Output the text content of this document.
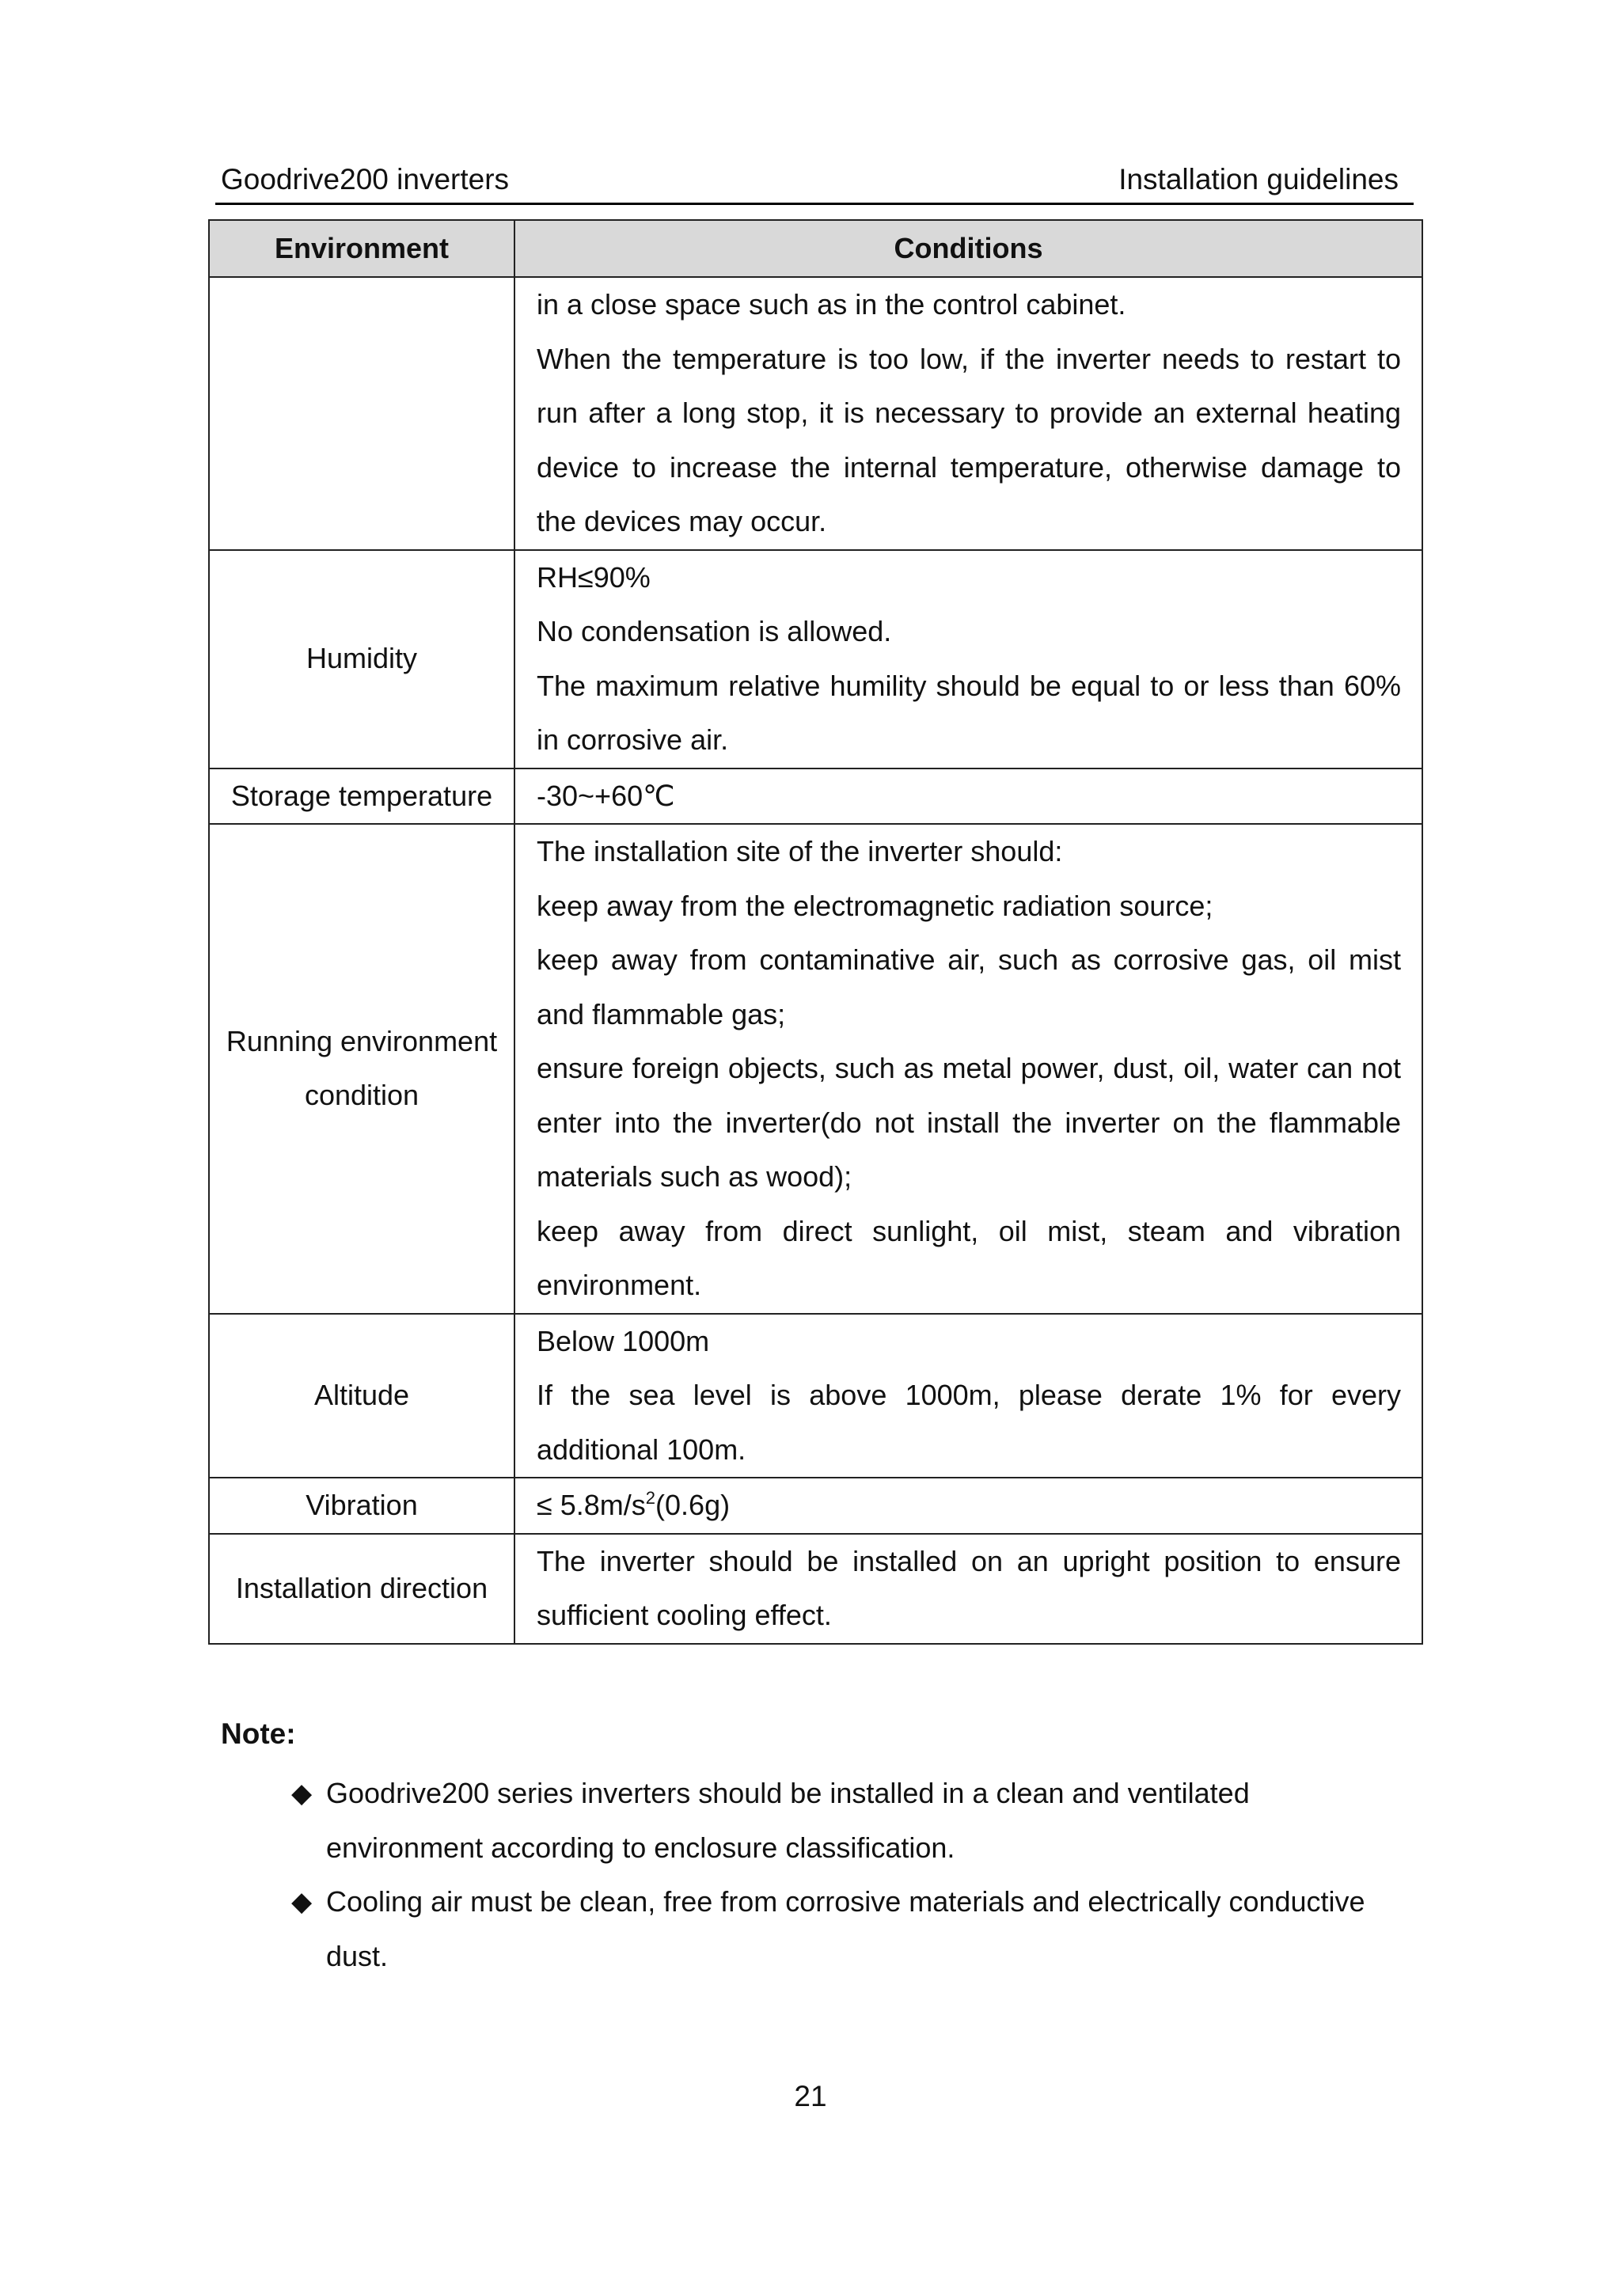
Goodrive200 inverters	Installation guidelines
Environment	Conditions

	in a close space such as in the control cabinet.
When the temperature is too low, if the inverter needs to restart to run after a long stop, it is necessary to provide an external heating device to increase the internal temperature, otherwise damage to the devices may occur.

Humidity	RH≤90%
No condensation is allowed.
The maximum relative humility should be equal to or less than 60% in corrosive air.

Storage temperature	-30~+60℃

Running environment condition	The installation site of the inverter should:
keep away from the electromagnetic radiation source;
keep away from contaminative air, such as corrosive gas, oil mist and flammable gas;
ensure foreign objects, such as metal power, dust, oil, water can not enter into the inverter(do not install the inverter on the flammable materials such as wood);
keep away from direct sunlight, oil mist, steam and vibration environment.

Altitude	Below 1000m
If the sea level is above 1000m, please derate 1% for every additional 100m.

Vibration	≤ $5.8m/s^2(0.6g)$
Installation direction	The inverter should be installed on an upright position to ensure sufficient cooling effect.
Note:
◆ Goodrive200 series inverters should be installed in a clean and ventilated environment according to enclosure classification.
◆ Cooling air must be clean, free from corrosive materials and electrically conductive dust.
21
